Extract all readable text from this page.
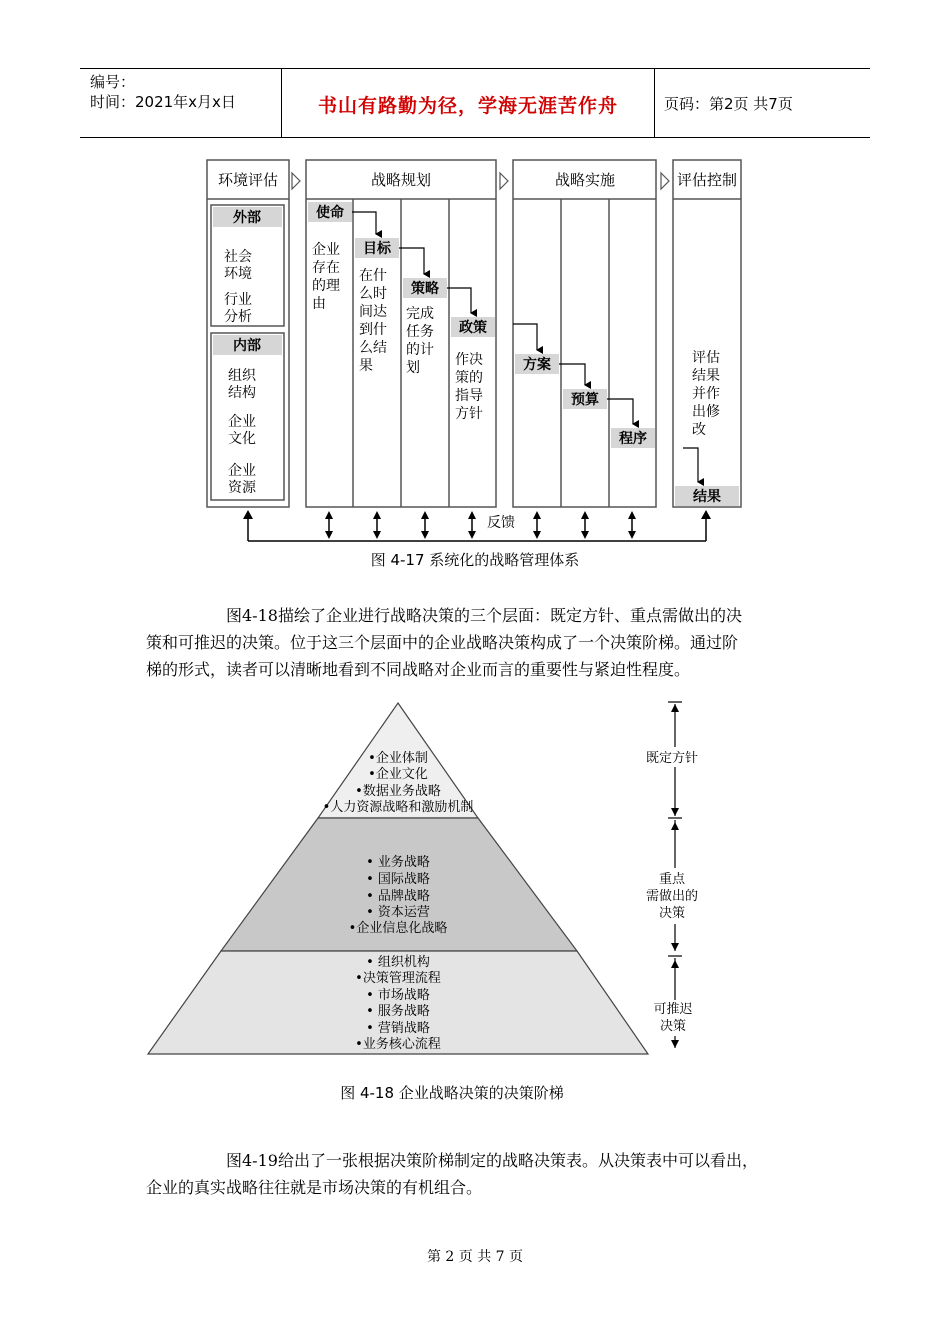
编号：
时间：2021年x月x日	书山有路勤为径，学海无涯苦作舟	页码：第2页 共7页
环境评估	战略规划	战略实施	评估控制
外部
社会
环境
行业
分析
内部
组织
结构
企业
文化
企业
资源
使命
目标
策略
政策
企业
存在
的理
由
在什
么时
间达
到什
么结
果
完成
任务
的计
划	作决
策的
指导
方针
方案
预算
程序
评估
结果
并作
出修
改
结果
反馈
图 4-17 系统化的战略管理体系
图4-18描绘了企业进行战略决策的三个层面：既定方针、重点需做出的决
策和可推迟的决策。位于这三个层面中的企业战略决策构成了一个决策阶梯。通过阶
梯的形式，读者可以清晰地看到不同战略对企业而言的重要性与紧迫性程度。
•企业体制
•企业文化
•数据业务战略
•人力资源战略和激励机制
• 业务战略
• 国际战略
• 品牌战略
• 资本运营
•企业信息化战略
• 组织机构
•决策管理流程
• 市场战略
• 服务战略
• 营销战略
•业务核心流程
既定方针
重点
需做出的
决策
可推迟
决策
图 4-18 企业战略决策的决策阶梯
图4-19给出了一张根据决策阶梯制定的战略决策表。从决策表中可以看出，
企业的真实战略往往就是市场决策的有机组合。
第 2 页 共 7 页
